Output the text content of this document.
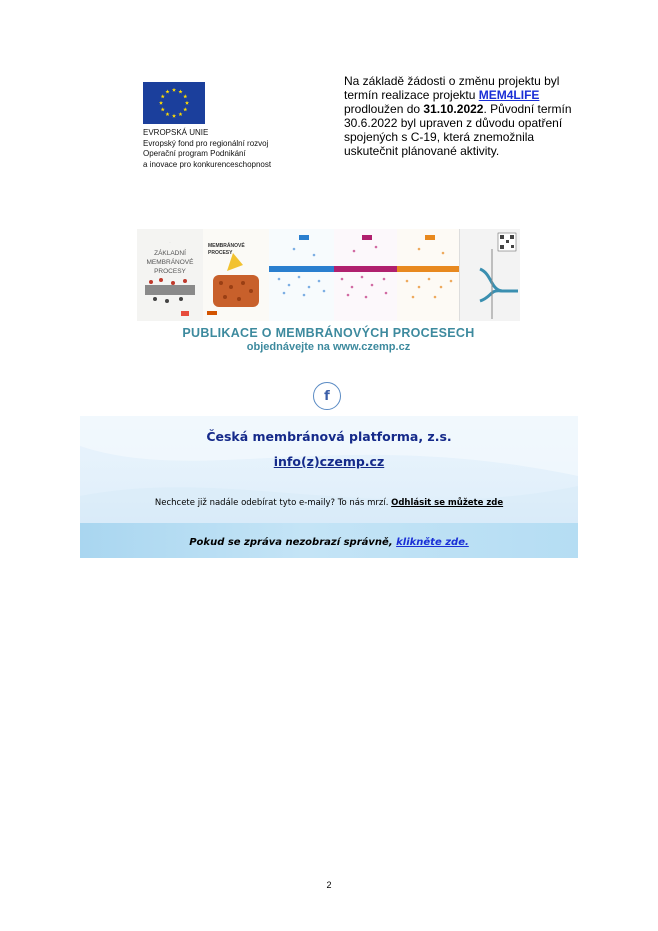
EVROPSKÁ UNIE
Evropský fond pro regionální rozvoj
Operační program Podnikání
a inovace pro konkurenceschopnost
Na základě žádosti o změnu projektu byl termín realizace projektu MEM4LIFE prodloužen do 31.10.2022. Původní termín 30.6.2022 byl upraven z důvodu opatření spojených s C-19, která znemožnila uskutečnit plánované aktivity.
.
ZÁKLADNÍ
MEMBRÁNOVÉ
PROCESY
MEMBRÁNOVÉ
PROCESY
PUBLIKACE O MEMBRÁNOVÝCH PROCESECH
objednávejte na www.czemp.cz
f
Česká membránová platforma, z.s.
info(z)czemp.cz
Nechcete již nadále odebírat tyto e-maily? To nás mrzí. Odhlásit se můžete zde
Pokud se zpráva nezobrazí správně, klikněte zde.
2
